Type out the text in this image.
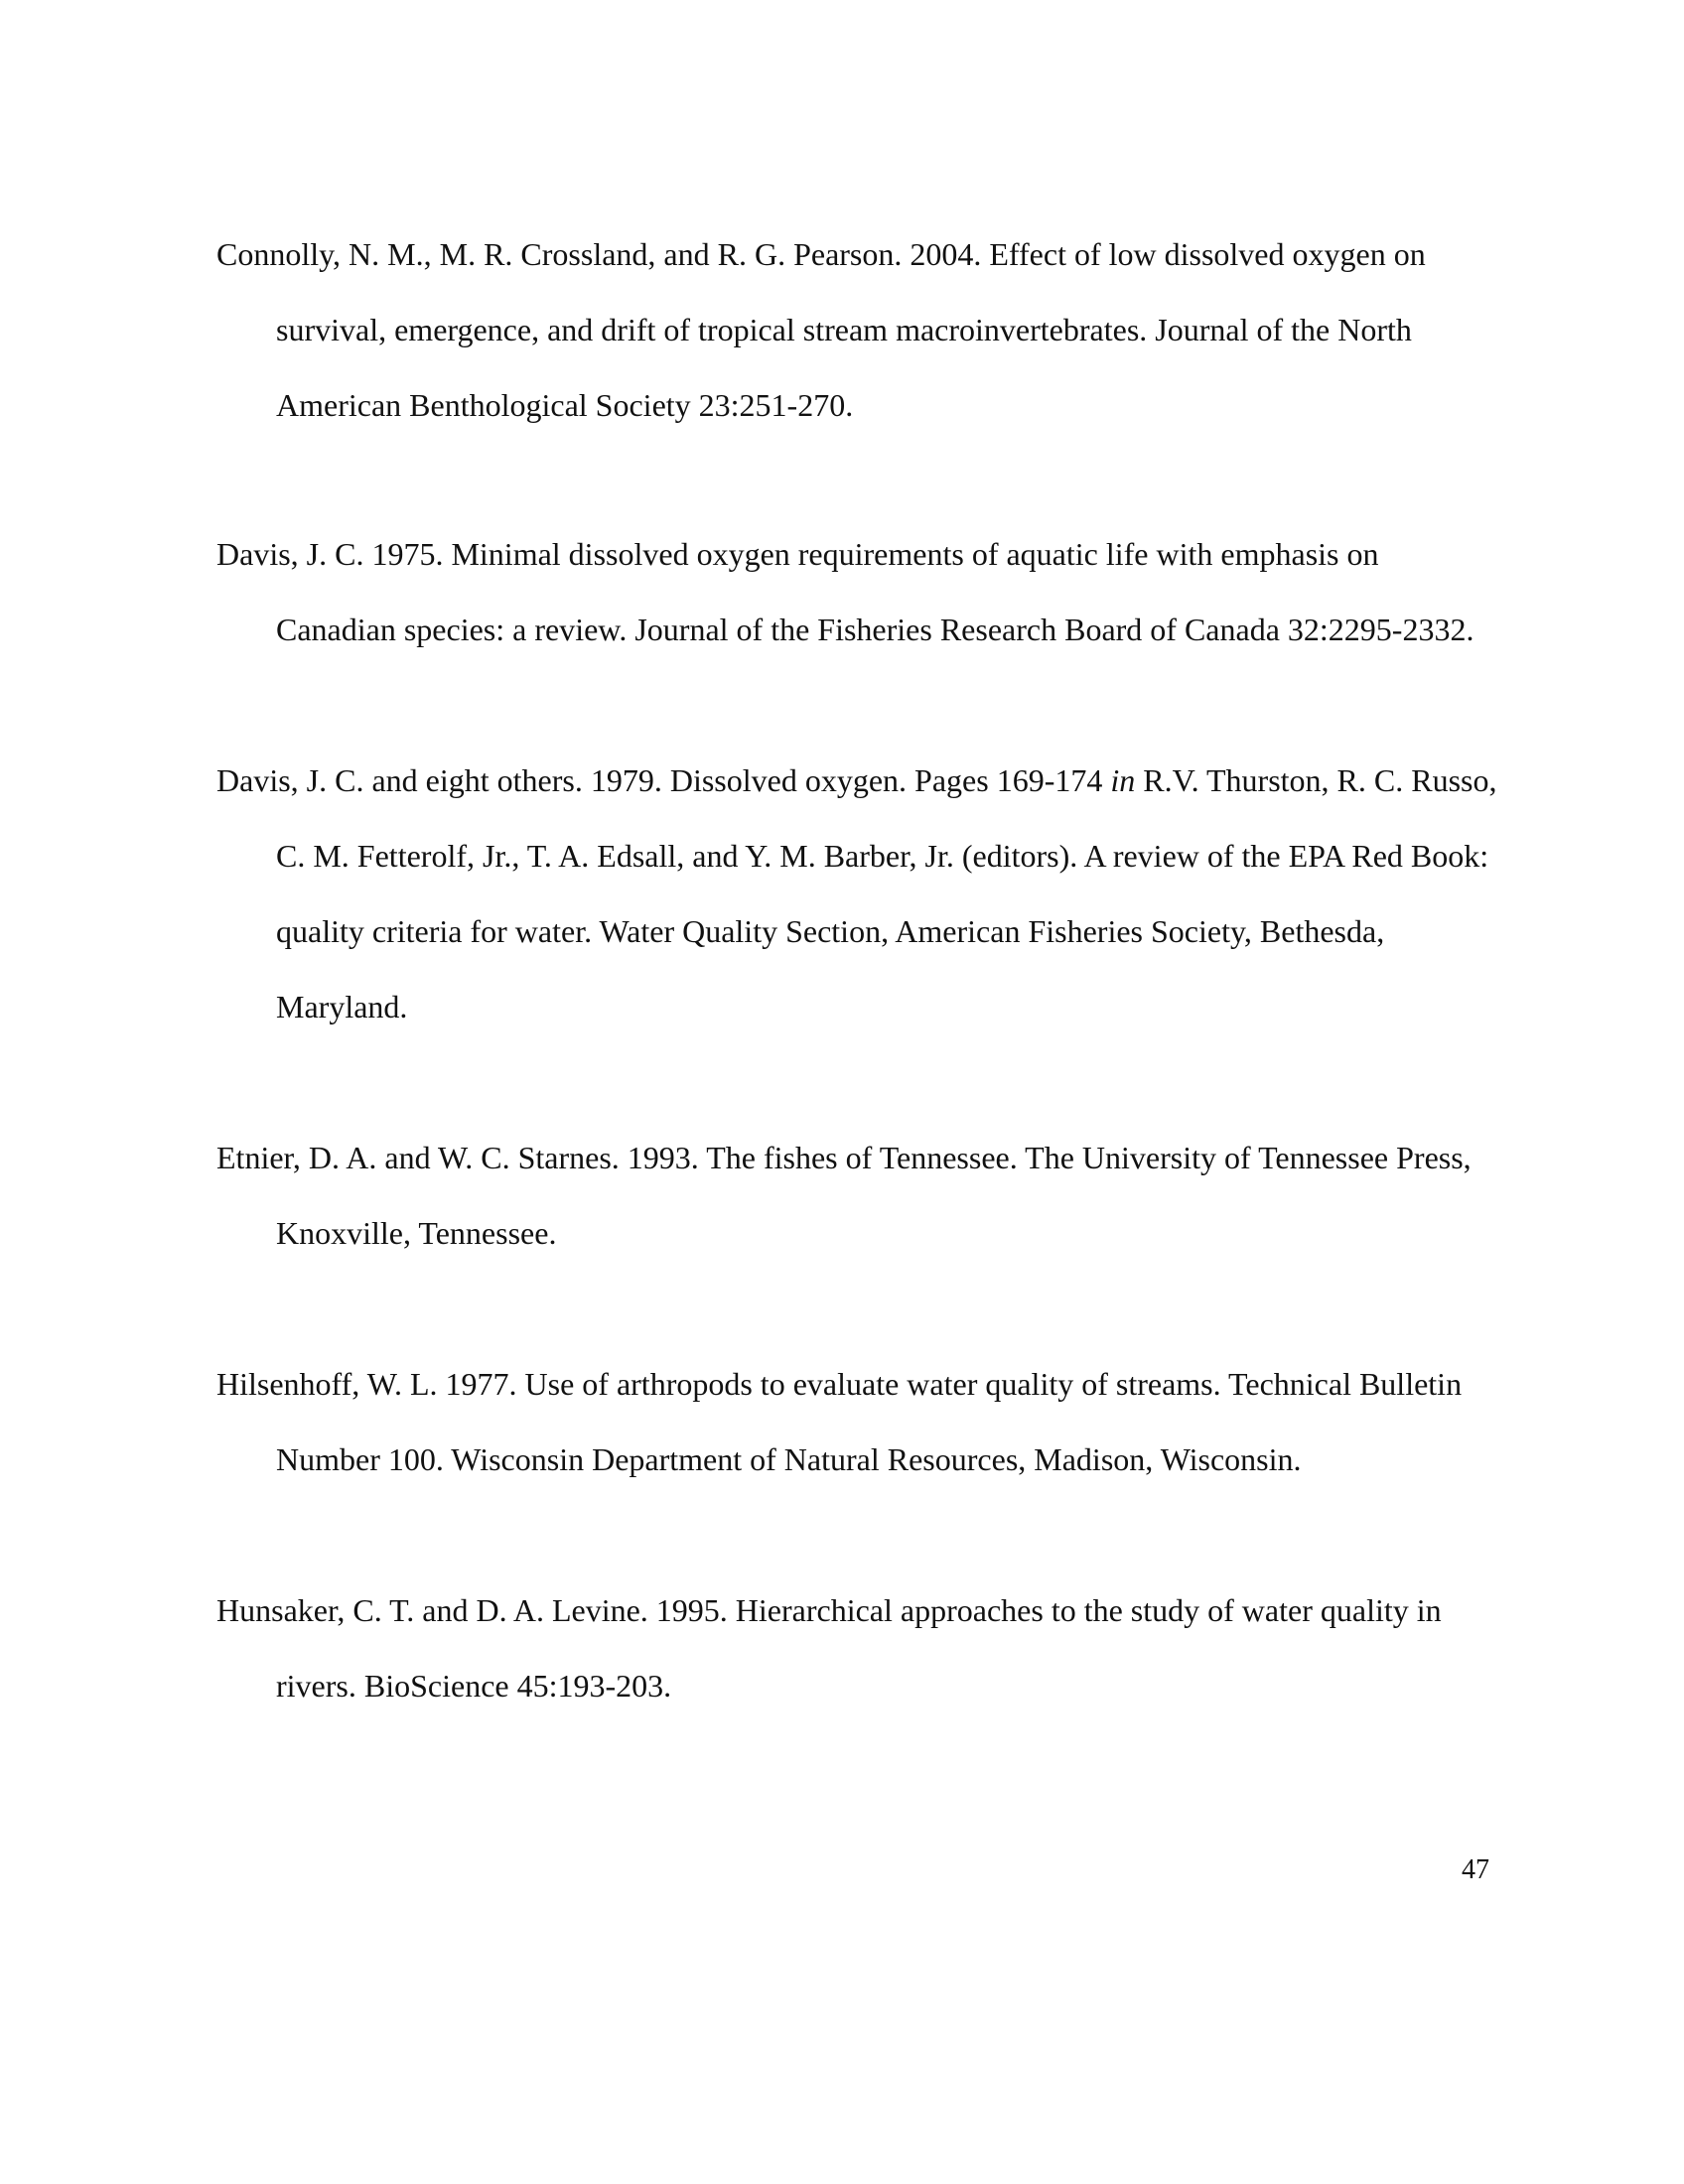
Connolly, N. M., M. R. Crossland, and R. G. Pearson. 2004. Effect of low dissolved oxygen on survival, emergence, and drift of tropical stream macroinvertebrates. Journal of the North American Benthological Society 23:251-270.

Davis, J. C. 1975. Minimal dissolved oxygen requirements of aquatic life with emphasis on Canadian species: a review. Journal of the Fisheries Research Board of Canada 32:2295-2332.

Davis, J. C. and eight others. 1979. Dissolved oxygen. Pages 169-174 in R.V. Thurston, R. C. Russo, C. M. Fetterolf, Jr., T. A. Edsall, and Y. M. Barber, Jr. (editors). A review of the EPA Red Book: quality criteria for water. Water Quality Section, American Fisheries Society, Bethesda, Maryland.

Etnier, D. A. and W. C. Starnes. 1993. The fishes of Tennessee. The University of Tennessee Press, Knoxville, Tennessee.

Hilsenhoff, W. L. 1977. Use of arthropods to evaluate water quality of streams. Technical Bulletin Number 100. Wisconsin Department of Natural Resources, Madison, Wisconsin.

Hunsaker, C. T. and D. A. Levine. 1995. Hierarchical approaches to the study of water quality in rivers. BioScience 45:193-203.

47
